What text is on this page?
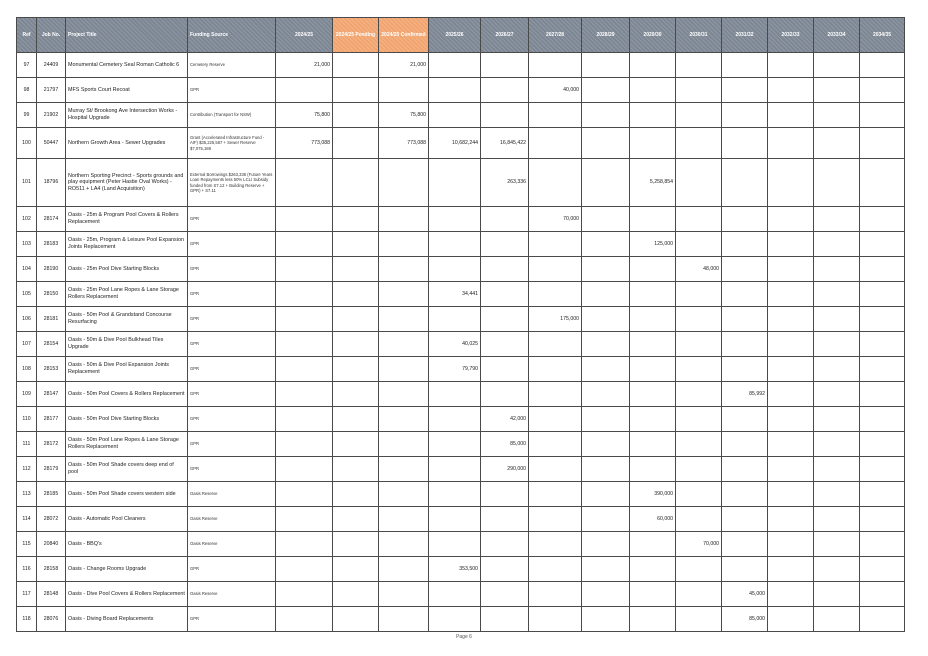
Ref	Job No.	Project Title	Funding Source	2024/25	2024/25 Pending	2024/25 Confirmed	2025/26	2026/27	2027/28	2028/29	2029/30	2030/31	2031/32	2032/33	2033/34	2034/35
97	24409	Monumental Cemetery Seal Roman Catholic 6	Cemetery Reserve	21,000		21,000										
98	21797	MFS Sports Court Recoat	GPR						40,000							
99	21902	Murray St/ Brookong Ave Intersection Works - Hospital Upgrade	Contribution (Transport for NSW)	75,800		75,800										
100	50447	Northern Growth Area - Sewer Upgrades	Grant (Accelerated Infrastructure Fund - AIF) $35,225,567 + Sewer Reserve $7,075,188	773,088		773,088	10,682,244	16,845,422								
101	18796	Northern Sporting Precinct - Sports grounds and play equipment (Peter Hastie Oval Works) - RO511 + LA4 (Land Acquisition)	External Borrowings $263,336 (Future Years Loan Repayments less 50% LCLI Subsidy funded from S7.12 + Building Reserve + GPR) + S7.11					263,336			5,258,854					
102	28174	Oasis - 25m & Program Pool Covers & Rollers Replacement	GPR						70,000							
103	28183	Oasis - 25m, Program & Leisure Pool Expansion Joints Replacement	GPR								125,000					
104	28190	Oasis - 25m Pool Dive Starting Blocks	GPR									48,000				
105	28150	Oasis - 25m Pool Lane Ropes & Lane Storage Rollers Replacement	GPR				34,441									
106	28181	Oasis - 50m Pool & Grandstand Concourse Resurfacing	GPR						175,000							
107	28154	Oasis - 50m & Dive Pool Bulkhead Tiles Upgrade	GPR				40,025									
108	28153	Oasis - 50m & Dive Pool Expansion Joints Replacement	GPR				79,790									
109	28147	Oasis - 50m Pool Covers & Rollers Replacement	GPR										85,992			
110	28177	Oasis - 50m Pool Dive Starting Blocks	GPR					42,000								
111	28172	Oasis - 50m Pool Lane Ropes & Lane Storage Rollers Replacement	GPR					85,000								
112	28179	Oasis - 50m Pool Shade covers deep end of pool	GPR					290,000								
113	28185	Oasis - 50m Pool Shade covers western side	Oasis Reserve								390,000					
114	28072	Oasis - Automatic Pool Cleaners	Oasis Reserve								60,000					
115	20840	Oasis - BBQ's	Oasis Reserve									70,000				
116	28158	Oasis - Change Rooms Upgrade	GPR				353,500									
117	28148	Oasis - Dive Pool Covers & Rollers Replacement	Oasis Reserve										45,000			
118	28076	Oasis - Diving Board Replacements	GPR										85,000			
Page 6
